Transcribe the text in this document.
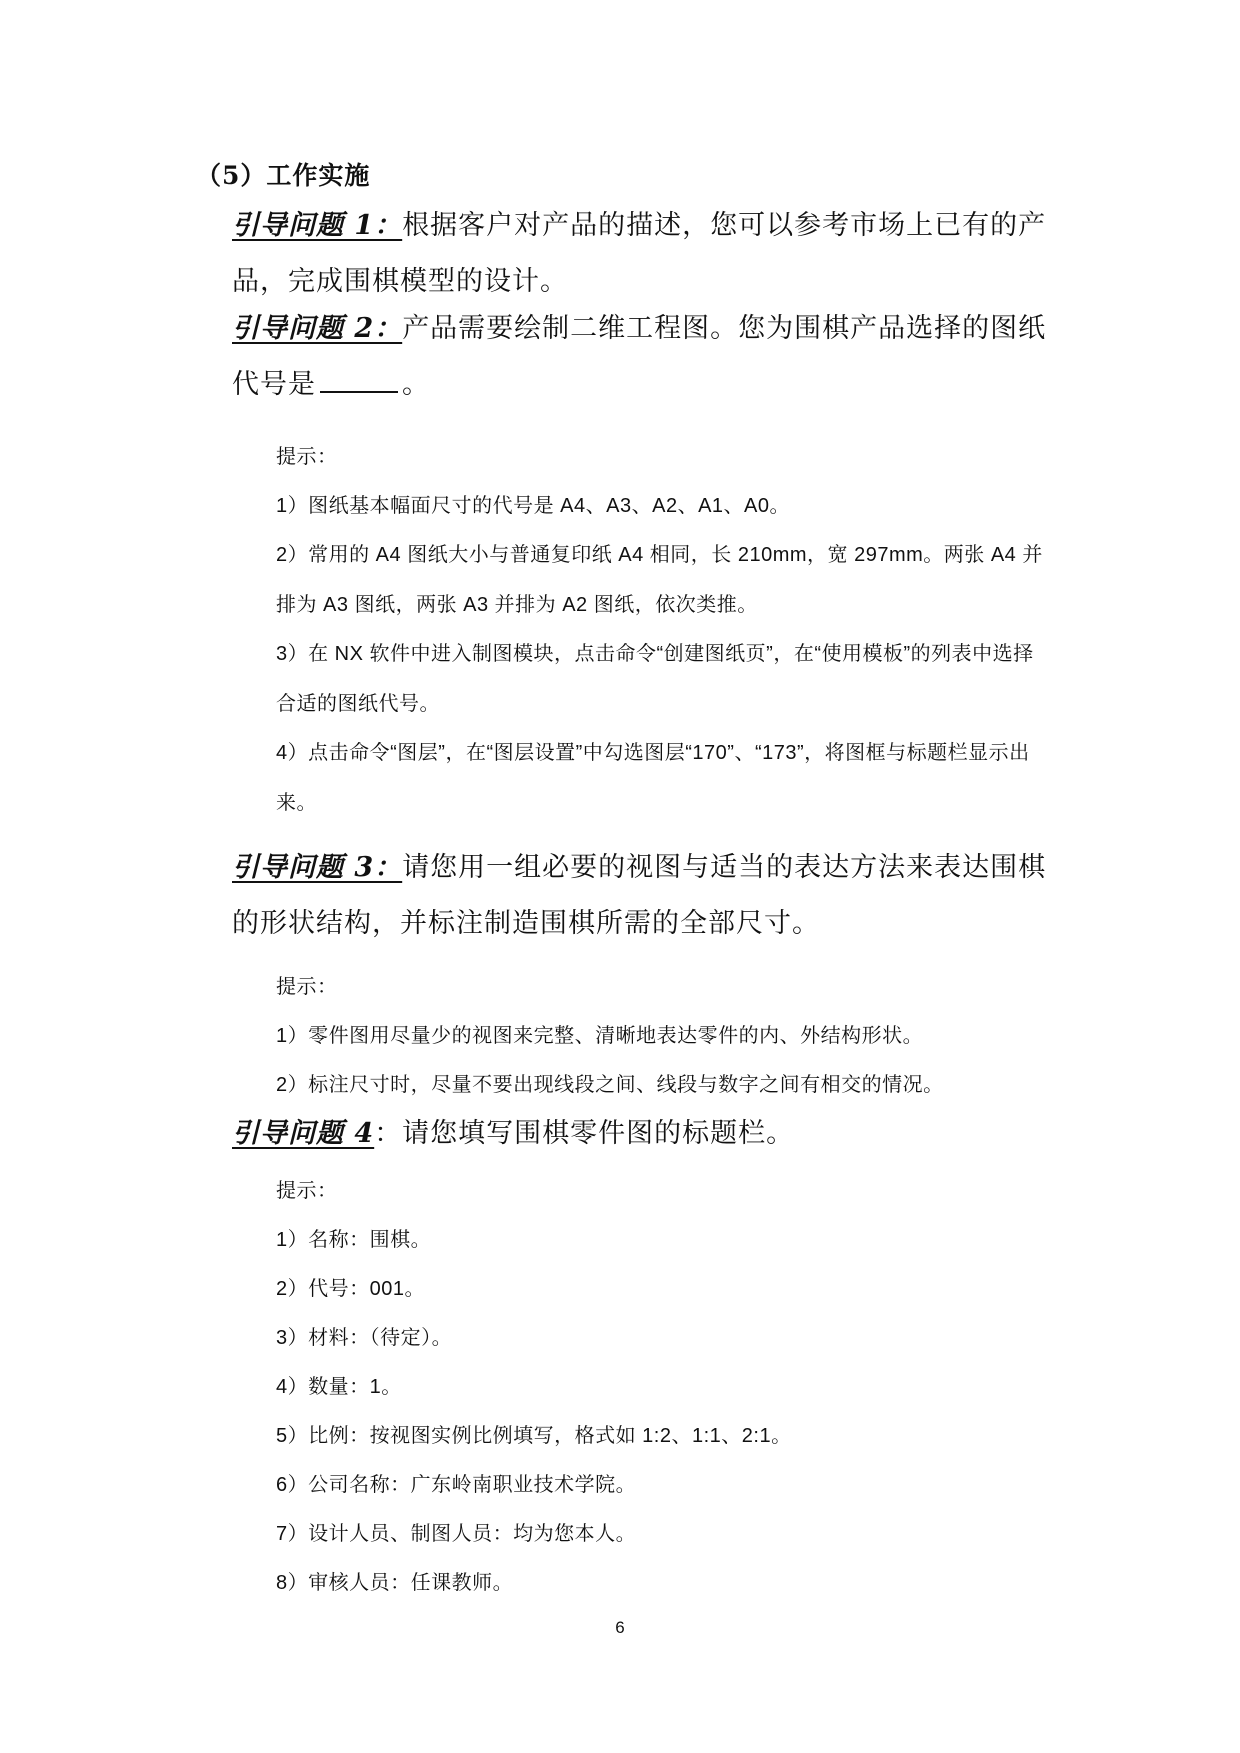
（5）工作实施
引导问题 1：根据客户对产品的描述，您可以参考市场上已有的产品，完成围棋模型的设计。
引导问题 2：产品需要绘制二维工程图。您为围棋产品选择的图纸代号是	。
提示：
1）图纸基本幅面尺寸的代号是 A4、A3、A2、A1、A0。
2）常用的 A4 图纸大小与普通复印纸 A4 相同，长 210mm，宽 297mm。两张 A4 并排为 A3 图纸，两张 A3 并排为 A2 图纸，依次类推。
3）在 NX 软件中进入制图模块，点击命令“创建图纸页”，在“使用模板”的列表中选择合适的图纸代号。
4）点击命令“图层”，在“图层设置”中勾选图层“170”、“173”，将图框与标题栏显示出来。
引导问题 3：请您用一组必要的视图与适当的表达方法来表达围棋的形状结构，并标注制造围棋所需的全部尺寸。
提示：
1）零件图用尽量少的视图来完整、清晰地表达零件的内、外结构形状。
2）标注尺寸时，尽量不要出现线段之间、线段与数字之间有相交的情况。
引导问题 4：请您填写围棋零件图的标题栏。
提示：
1）名称：围棋。
2）代号：001。
3）材料：（待定）。
4）数量：1。
5）比例：按视图实例比例填写，格式如 1:2、1:1、2:1。
6）公司名称：广东岭南职业技术学院。
7）设计人员、制图人员：均为您本人。
8）审核人员：任课教师。
6
